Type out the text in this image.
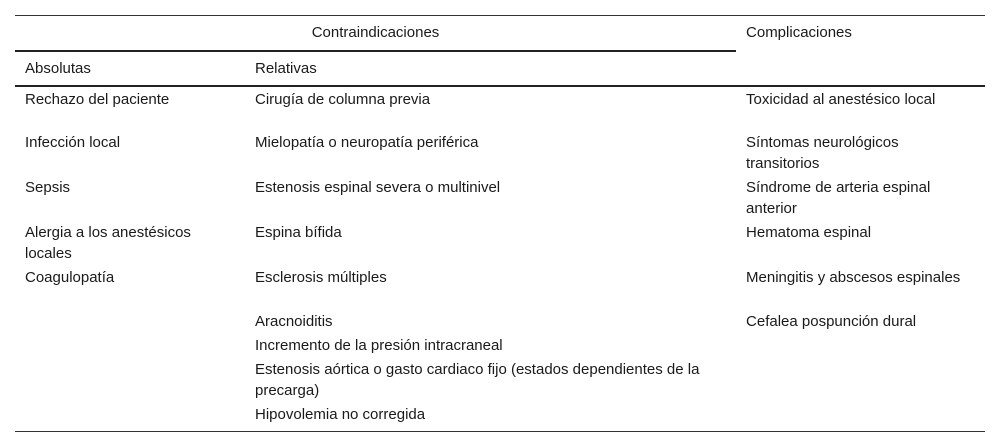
Contraindicaciones		Complicaciones
Absolutas	Relativas	
Rechazo del paciente	Cirugía de columna previa	Toxicidad al anestésico local
Infección local	Mielopatía o neuropatía periférica	Síntomas neurológicos transitorios
Sepsis	Estenosis espinal severa o multinivel	Síndrome de arteria espinal anterior
Alergia a los anestésicos locales	Espina bífida	Hematoma espinal
Coagulopatía	Esclerosis múltiples	Meningitis y abscesos espinales
	Aracnoiditis	Cefalea pospunción dural
	Incremento de la presión intracraneal	
	Estenosis aórtica o gasto cardiaco fijo (estados dependientes de la precarga)	
	Hipovolemia no corregida	
